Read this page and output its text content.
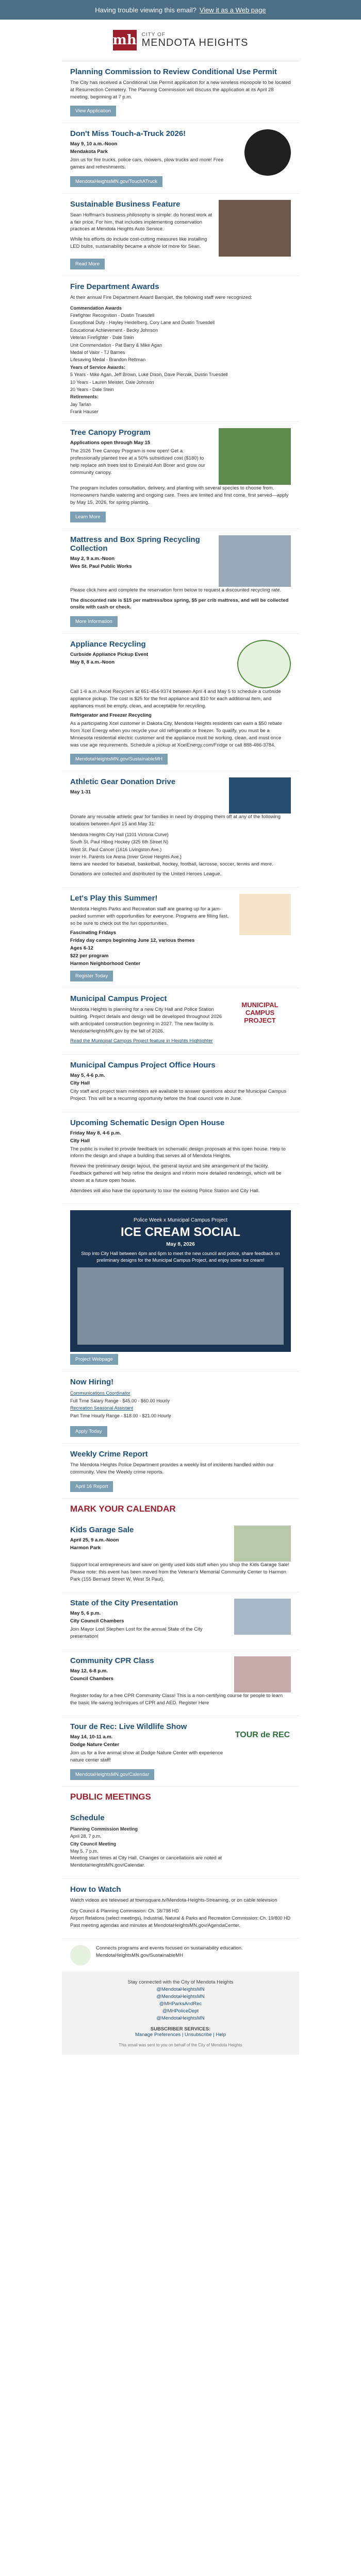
Having trouble viewing this email? View it as a Web page
mh CITY OF
MENDOTA HEIGHTS
Planning Commission to Review Conditional Use Permit

The City has received a Conditional Use Permit application for a new wireless monopole to be located at Resurrection Cemetery. The Planning Commission will discuss the application at its April 28 meeting, beginning at 7 p.m.

View Application
Don't Miss Touch-a-Truck 2026!
May 9, 10 a.m.-Noon
Mendakota Park

Join us for fire trucks, police cars, mowers, plow trucks and more! Free games and refreshments.

MendotaHeightsMN.gov/TouchATruck
Sustainable Business Feature

Sean Hoffman's business philosophy is simple: do honest work at a fair price. For him, that includes implementing conservation practices at Mendota Heights Auto Service.

While his efforts do include cost-cutting measures like installing LED bulbs, sustainability became a whole lot more for Sean.

Read More
Fire Department Awards

At their annual Fire Department Award Banquet, the following staff were recognized:

Commendation Awards
Firefighter Recognition - Dustin Truesdell
Exceptional Duty - Hayley Heidelberg, Cory Lane and Dustin Truesdell
Educational Achievement - Becky Johnson
Veteran Firefighter - Dale Stein
Unit Commendation - Pat Barry & Mike Agan
Medal of Valor - TJ Barnes
Lifesaving Medal - Brandon Rettman
Years of Service Awards:
5 Years - Mike Agan, Jeff Brown, Luke Dixon, Dave Pierzak, Dustin Truesdell
10 Years - Lauren Meister, Dale Johnson
20 Years - Dale Stein
Retirements:
Jay Tarlan
Frank Hauser
Tree Canopy Program
Applications open through May 15

The 2026 Tree Canopy Program is now open! Get a professionally planted tree at a 50% subsidized cost ($180) to help replace ash trees lost to Emerald Ash Borer and grow our community canopy.

The program includes consultation, delivery, and planting with several species to choose from. Homeowners handle watering and ongoing care. Trees are limited and first come, first served—apply by May 15, 2026, for spring planting.

Learn More
Mattress and Box Spring Recycling Collection
May 2, 9 a.m.-Noon
Wes St. Paul Public Works

Please click here and complete the reservation form below to request a discounted recycling rate.

The discounted rate is $15 per mattress/box spring, $5 per crib mattress, and will be collected onsite with cash or check.

More Information
Appliance Recycling
Curbside Appliance Pickup Event
May 8, 8 a.m.-Noon

Call 1-6 a.m./Ascel Recyclers at 651-454-9374 between April 4 and May 5 to schedule a curbside appliance pickup. The cost is $25 for the first appliance and $10 for each additional item, and appliances must be empty, clean, and acceptable for recycling.

Refrigerator and Freezer Recycling

As a participating Xcel customer in Dakota City, Mendota Heights residents can earn a $50 rebate from Xcel Energy when you recycle your old refrigerator or freezer. To qualify, you must be a Minnesota residential electric customer and the appliance must be working, clean, and must once was use age requirements. Schedule a pickup at XcelEnergy.com/Fridge or call 888-466-3784.

MendotaHeightsMN.gov/SustainableMH
Athletic Gear Donation Drive
May 1-31

Donate any reusable athletic gear for families in need by dropping them off at any of the following locations between April 15 and May 31:

Mendota Heights City Hall (1101 Victoria Curve)
South St. Paul Hibog Hockey (325 6th Street N)
West St. Paul Cancer (1616 Livingston Ave.)
Inver Hi. Parents Ice Arena (Inver Grove Heights Ave.)

Items are needed for baseball, basketball, hockey, football, lacrosse, soccer, tennis and more.

Donations are collected and distributed by the United Heroes League.

Let's Play this Summer!

Mendota Heights Parks and Recreation staff are gearing up for a jam-packed summer with opportunities for everyone. Programs are filling fast, so be sure to check out the fun opportunities.

Fascinating Fridays
Friday day camps beginning June 12, various themes
Ages 6-12
$22 per program
Harmon Neighborhood Center
Register Today
Municipal Campus Project

Mendota Heights is planning for a new City Hall and Police Station building. Project details and design will be developed throughout 2026 with anticipated construction beginning in 2027. The new facility is MendotaHeightsMN.gov by the fall of 2026.

Read the Municipal Campus Project feature in Heights Highlighter

MUNICIPAL CAMPUS PROJECT
Municipal Campus Project Office Hours
May 5, 4-6 p.m.
City Hall

City staff and project team members are available to answer questions about the Municipal Campus Project. This will be a recurring opportunity before the final council vote in June.

Upcoming Schematic Design Open House
Friday May 8, 4-6 p.m.
City Hall

The public is invited to provide feedback on schematic design proposals at this open house. Help to inform the design and shape a building that serves all of Mendota Heights.

Review the preliminary design layout, the general layout and site arrangement of the facility. Feedback gathered will help refine the designs and inform more detailed renderings, which will be shown at a future open house.

Attendees will also have the opportunity to tour the existing Police Station and City Hall.

Police Week x Municipal Campus Project
ICE CREAM SOCIAL
May 8, 2026
Stop into City Hall between 4pm and 6pm to meet the new council and police, share feedback on preliminary designs for the Municipal Campus Project, and enjoy some ice cream!
Project Webpage
Now Hiring!
Communications Coordinator
Full Time Salary Range - $45.00 - $60.00 Hourly
Recreation Seasonal Assistant
Part Time Hourly Range - $18.00 - $21.00 Hourly
Apply Today
Weekly Crime Report

The Mendota Heights Police Department provides a weekly list of incidents handled within our community. View the Weekly crime reports.

April 16 Report
MARK YOUR CALENDAR
Kids Garage Sale
April 25, 9 a.m.-Noon
Harmon Park

Support local entrepreneurs and save on gently used kids stuff when you shop the Kids Garage Sale! Please note: this event has been moved from the Veteran's Memorial Community Center to Harmon Park (155 Bernard Street W, West St Paul).

State of the City Presentation
May 5, 6 p.m.
City Council Chambers

Join Mayor Lost Stephen Lost for the annual State of the City presentation!

Community CPR Class
May 12, 6-8 p.m.
Council Chambers

Register today for a free CPR Community Class! This is a non-certifying course for people to learn the basic life-saving techniques of CPR and AED. Register Here

Tour de Rec: Live Wildlife Show
May 14, 10-11 a.m.
Dodge Nature Center

Join us for a live animal show at Dodge Nature Center with experience nature center staff!

TOUR de REC
MendotaHeightsMN.gov/Calendar
PUBLIC MEETINGS
Schedule
Planning Commission Meeting
April 28, 7 p.m.
City Council Meeting
May 5, 7 p.m.

Meeting start times at City Hall. Changes or cancellations are noted at MendotaHeightsMN.gov/Calendar.

How to Watch

Watch videos are televised at townsquare.tv/Mendota-Heights-Streaming, or on cable television

City Council & Planning Commission: Ch. 18/798 HD
Airport Relations (select meetings), Industrial, Natural & Parks and Recreation Commission: Ch. 19/800 HD

Past meeting agendas and minutes at MendotaHeightsMN.gov/AgendaCenter.

Connects programs and events focused on sustainability education. MendotaHeightsMN.gov/SustainableMH

Stay connected with the City of Mendota Heights
@MendotaHeightsMN
@MendotaHeightsMN
@MHParksAndRec
@MHPoliceDept
@MendotaHeightsMN
SUBSCRIBER SERVICES:
Manage Preferences | Unsubscribe | Help
This email was sent to you on behalf of the City of Mendota Heights
